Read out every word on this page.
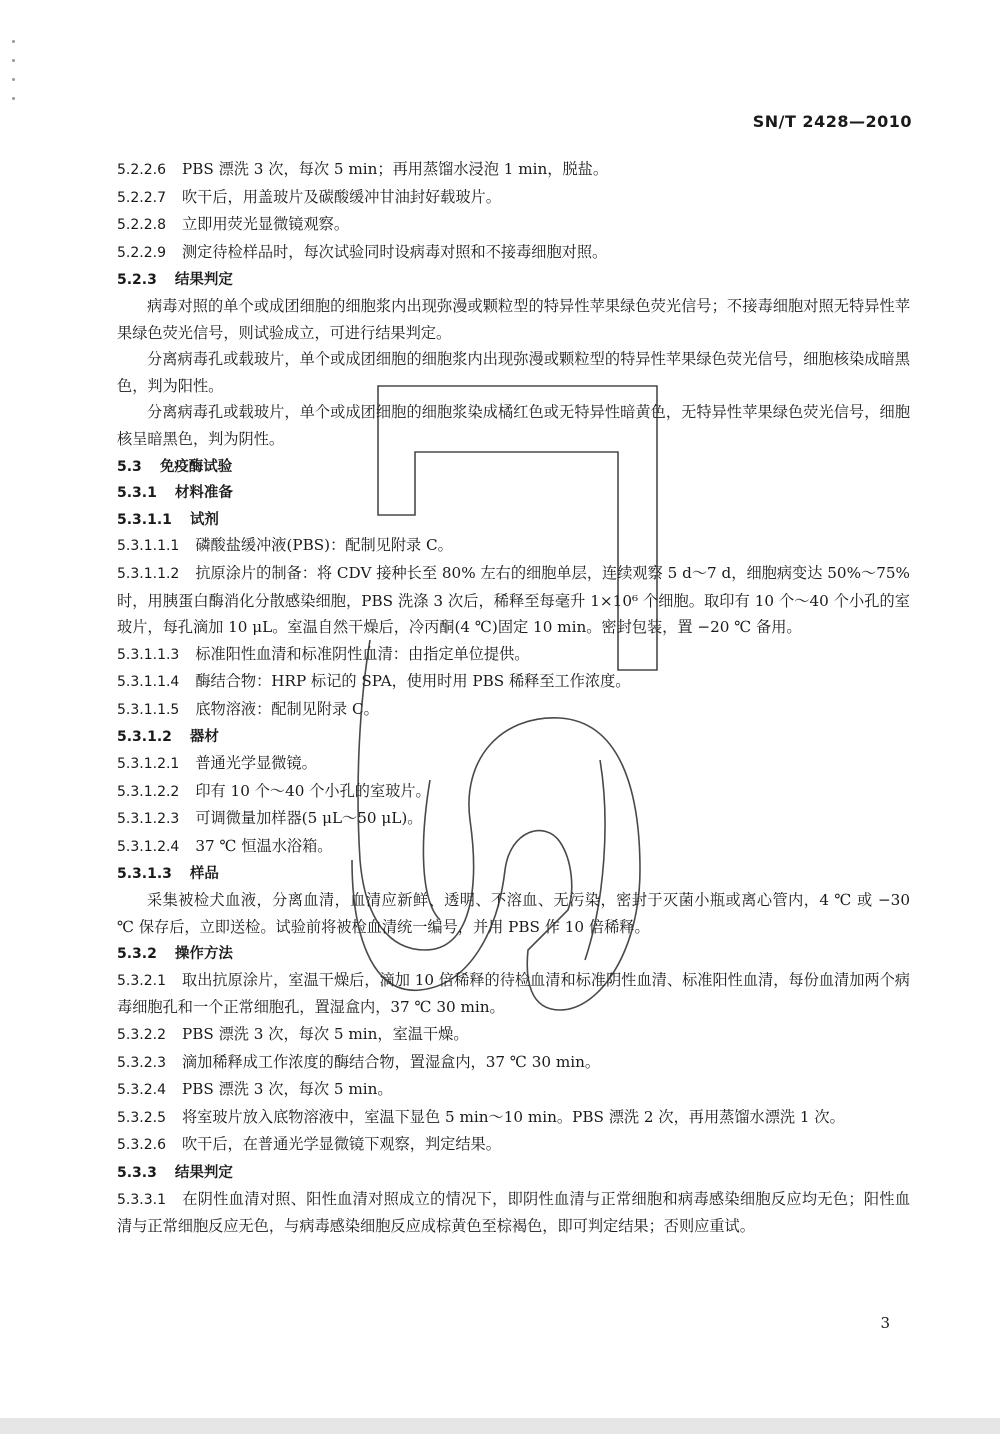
SN/T 2428—2010
5.2.2.6 PBS 漂洗 3 次，每次 5 min；再用蒸馏水浸泡 1 min，脱盐。
5.2.2.7 吹干后，用盖玻片及碳酸缓冲甘油封好载玻片。
5.2.2.8 立即用荧光显微镜观察。
5.2.2.9 测定待检样品时，每次试验同时设病毒对照和不接毒细胞对照。
5.2.3 结果判定
病毒对照的单个或成团细胞的细胞浆内出现弥漫或颗粒型的特异性苹果绿色荧光信号；不接毒细胞对照无特异性苹果绿色荧光信号，则试验成立，可进行结果判定。
分离病毒孔或载玻片，单个或成团细胞的细胞浆内出现弥漫或颗粒型的特异性苹果绿色荧光信号，细胞核染成暗黑色，判为阳性。
分离病毒孔或载玻片，单个或成团细胞的细胞浆染成橘红色或无特异性暗黄色，无特异性苹果绿色荧光信号，细胞核呈暗黑色，判为阴性。
5.3 免疫酶试验
5.3.1 材料准备
5.3.1.1 试剂
5.3.1.1.1 磷酸盐缓冲液(PBS)：配制见附录 C。
5.3.1.1.2 抗原涂片的制备：将 CDV 接种长至 80% 左右的细胞单层，连续观察 5 d～7 d，细胞病变达 50%～75% 时，用胰蛋白酶消化分散感染细胞，PBS 洗涤 3 次后，稀释至每毫升 1×10⁶ 个细胞。取印有 10 个～40 个小孔的室玻片，每孔滴加 10 μL。室温自然干燥后，冷丙酮(4 ℃)固定 10 min。密封包装，置 −20 ℃ 备用。
5.3.1.1.3 标准阳性血清和标准阴性血清：由指定单位提供。
5.3.1.1.4 酶结合物：HRP 标记的 SPA，使用时用 PBS 稀释至工作浓度。
5.3.1.1.5 底物溶液：配制见附录 C。
5.3.1.2 器材
5.3.1.2.1 普通光学显微镜。
5.3.1.2.2 印有 10 个～40 个小孔的室玻片。
5.3.1.2.3 可调微量加样器(5 μL～50 μL)。
5.3.1.2.4 37 ℃ 恒温水浴箱。
5.3.1.3 样品
采集被检犬血液，分离血清，血清应新鲜、透明、不溶血、无污染，密封于灭菌小瓶或离心管内，4 ℃ 或 −30 ℃ 保存后，立即送检。试验前将被检血清统一编号，并用 PBS 作 10 倍稀释。
5.3.2 操作方法
5.3.2.1 取出抗原涂片，室温干燥后，滴加 10 倍稀释的待检血清和标准阴性血清、标准阳性血清，每份血清加两个病毒细胞孔和一个正常细胞孔，置湿盒内，37 ℃ 30 min。
5.3.2.2 PBS 漂洗 3 次，每次 5 min，室温干燥。
5.3.2.3 滴加稀释成工作浓度的酶结合物，置湿盒内，37 ℃ 30 min。
5.3.2.4 PBS 漂洗 3 次，每次 5 min。
5.3.2.5 将室玻片放入底物溶液中，室温下显色 5 min～10 min。PBS 漂洗 2 次，再用蒸馏水漂洗 1 次。
5.3.2.6 吹干后，在普通光学显微镜下观察，判定结果。
5.3.3 结果判定
5.3.3.1 在阴性血清对照、阳性血清对照成立的情况下，即阴性血清与正常细胞和病毒感染细胞反应均无色；阳性血清与正常细胞反应无色，与病毒感染细胞反应成棕黄色至棕褐色，即可判定结果；否则应重试。
3
